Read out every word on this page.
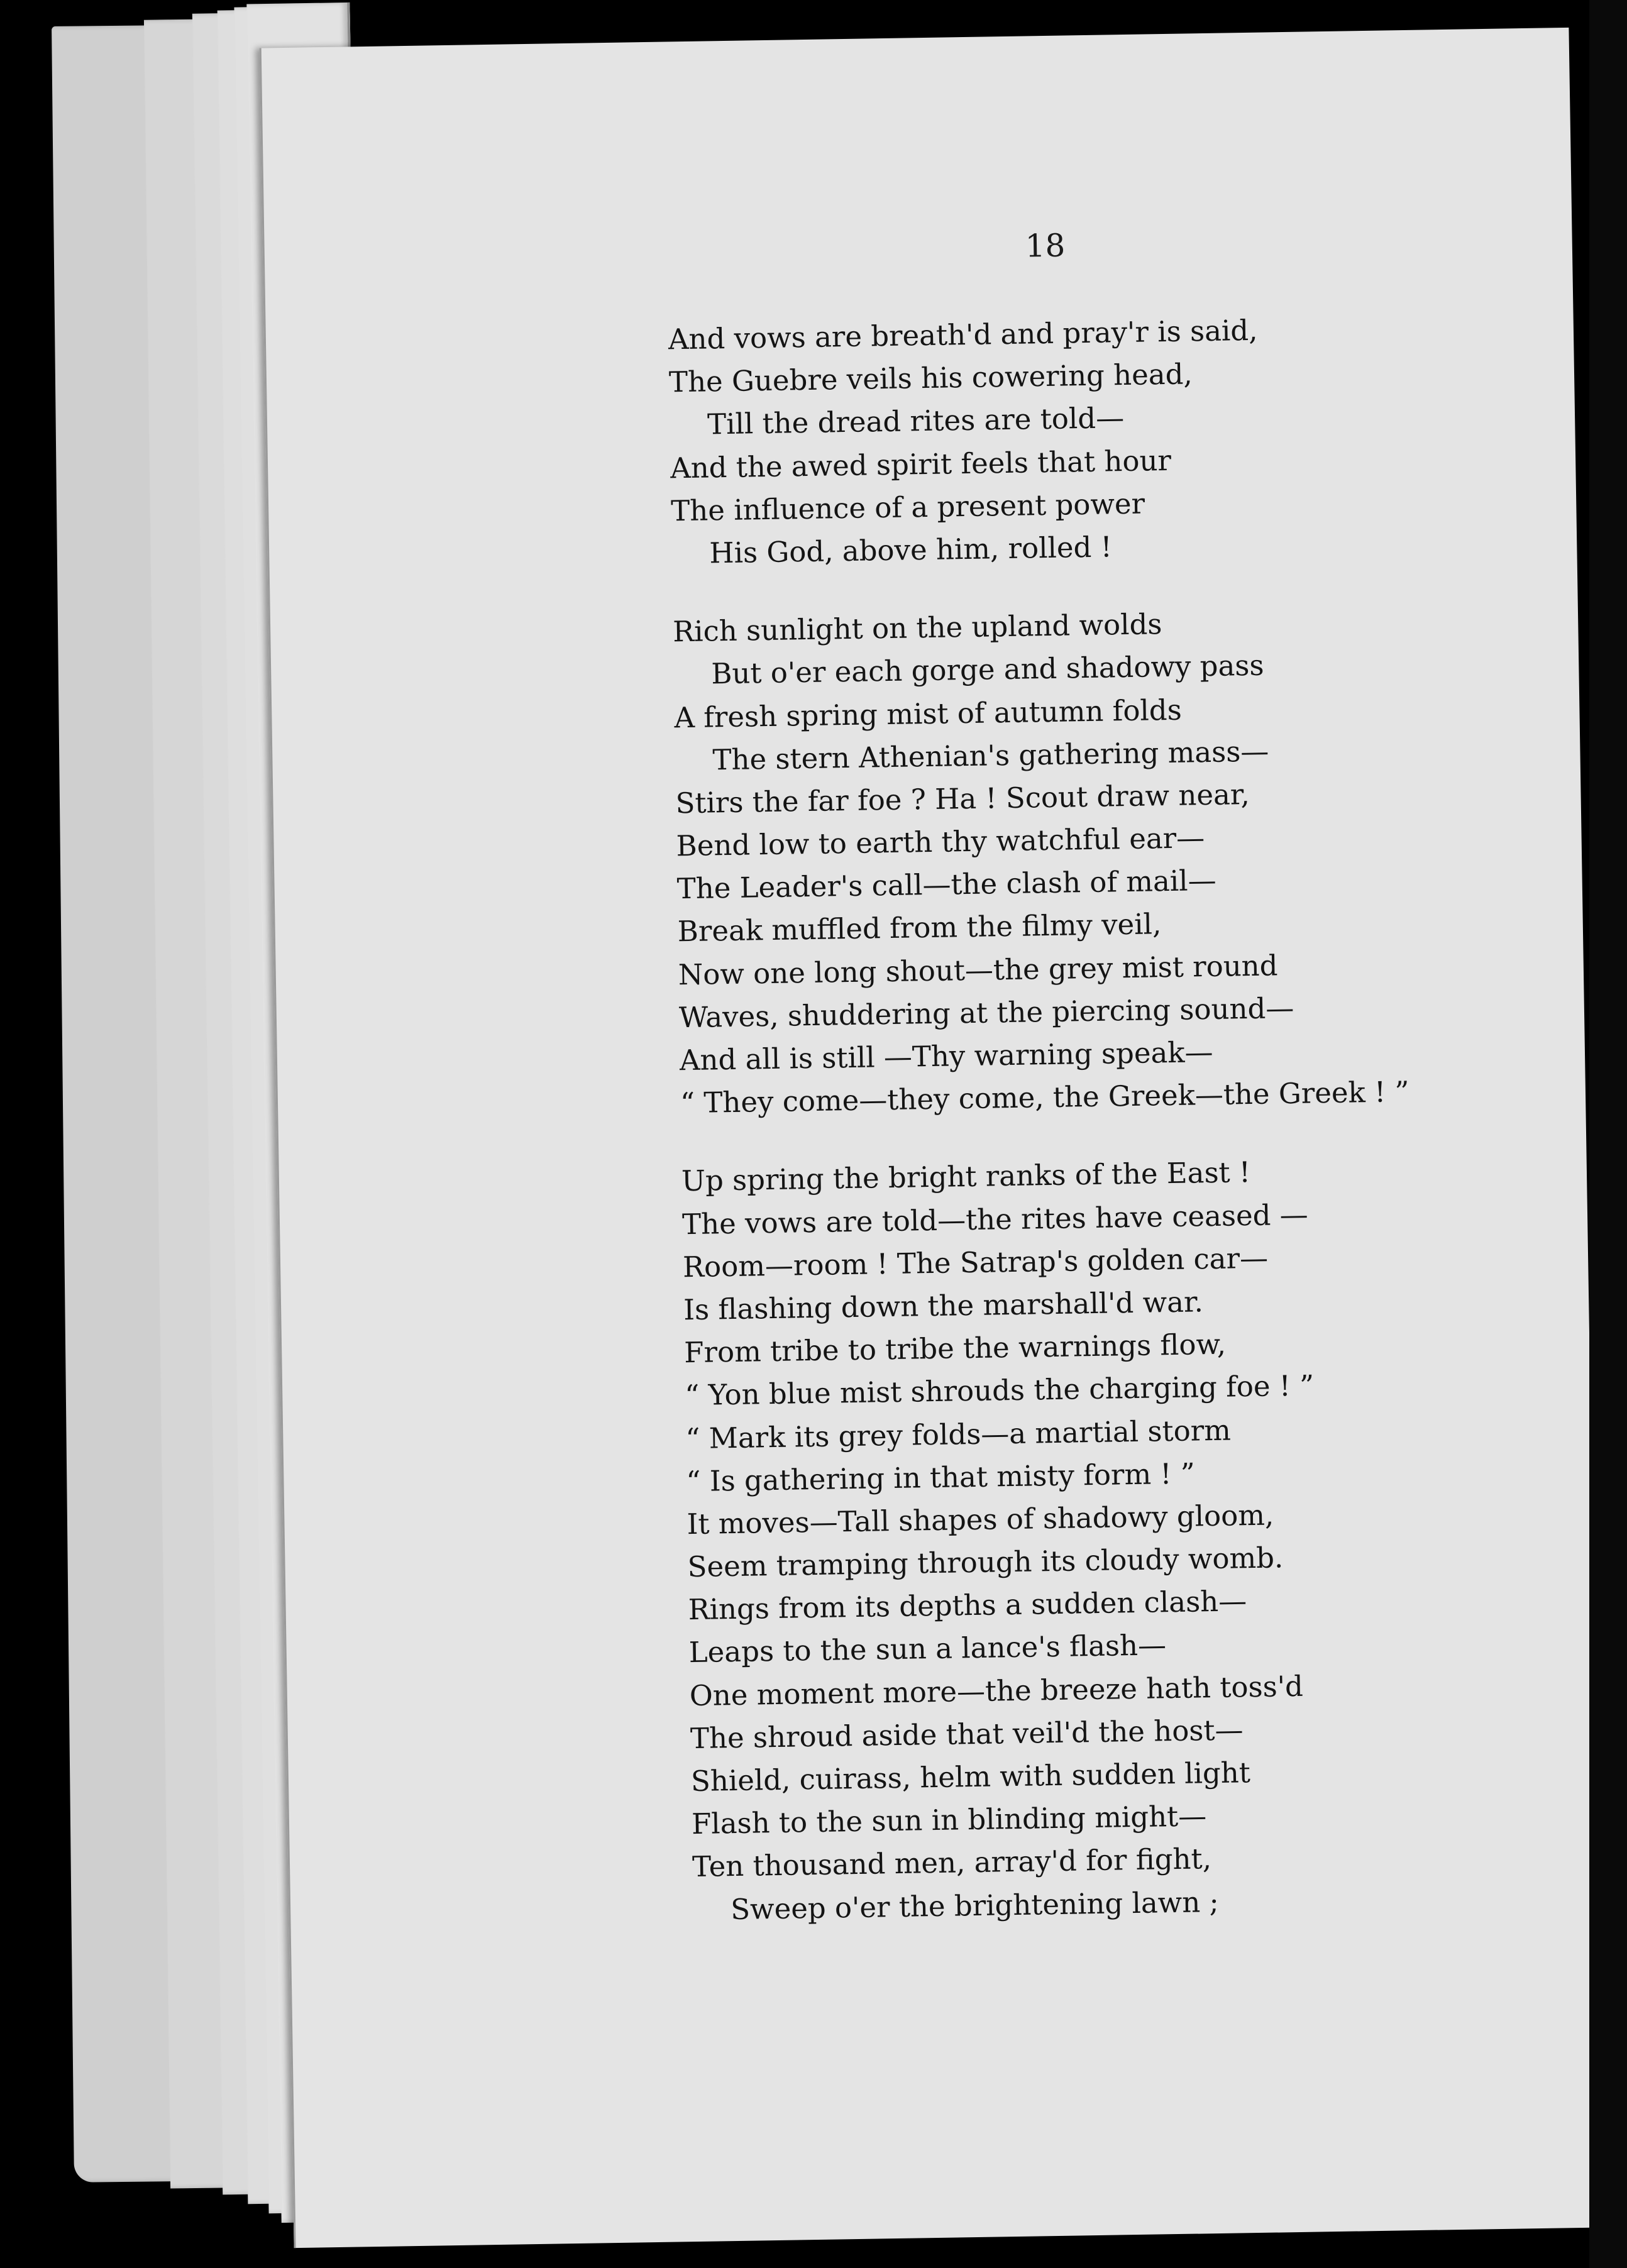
18
And vows are breath'd and pray'r is said,
The Guebre veils his cowering head,
Till the dread rites are told—
And the awed spirit feels that hour
The influence of a present power
His God, above him, rolled !
Rich sunlight on the upland wolds
But o'er each gorge and shadowy pass
A fresh spring mist of autumn folds
The stern Athenian's gathering mass—
Stirs the far foe ? Ha ! Scout draw near,
Bend low to earth thy watchful ear—
The Leader's call—the clash of mail—
Break muffled from the filmy veil,
Now one long shout—the grey mist round
Waves, shuddering at the piercing sound—
And all is still —Thy warning speak—
“ They come—they come, the Greek—the Greek ! ”
Up spring the bright ranks of the East !
The vows are told—the rites have ceased —
Room—room ! The Satrap's golden car—
Is flashing down the marshall'd war.
From tribe to tribe the warnings flow,
“ Yon blue mist shrouds the charging foe ! ”
“ Mark its grey folds—a martial storm
“ Is gathering in that misty form ! ”
It moves—Tall shapes of shadowy gloom,
Seem tramping through its cloudy womb.
Rings from its depths a sudden clash—
Leaps to the sun a lance's flash—
One moment more—the breeze hath toss'd
The shroud aside that veil'd the host—
Shield, cuirass, helm with sudden light
Flash to the sun in blinding might—
Ten thousand men, array'd for fight,
Sweep o'er the brightening lawn ;
